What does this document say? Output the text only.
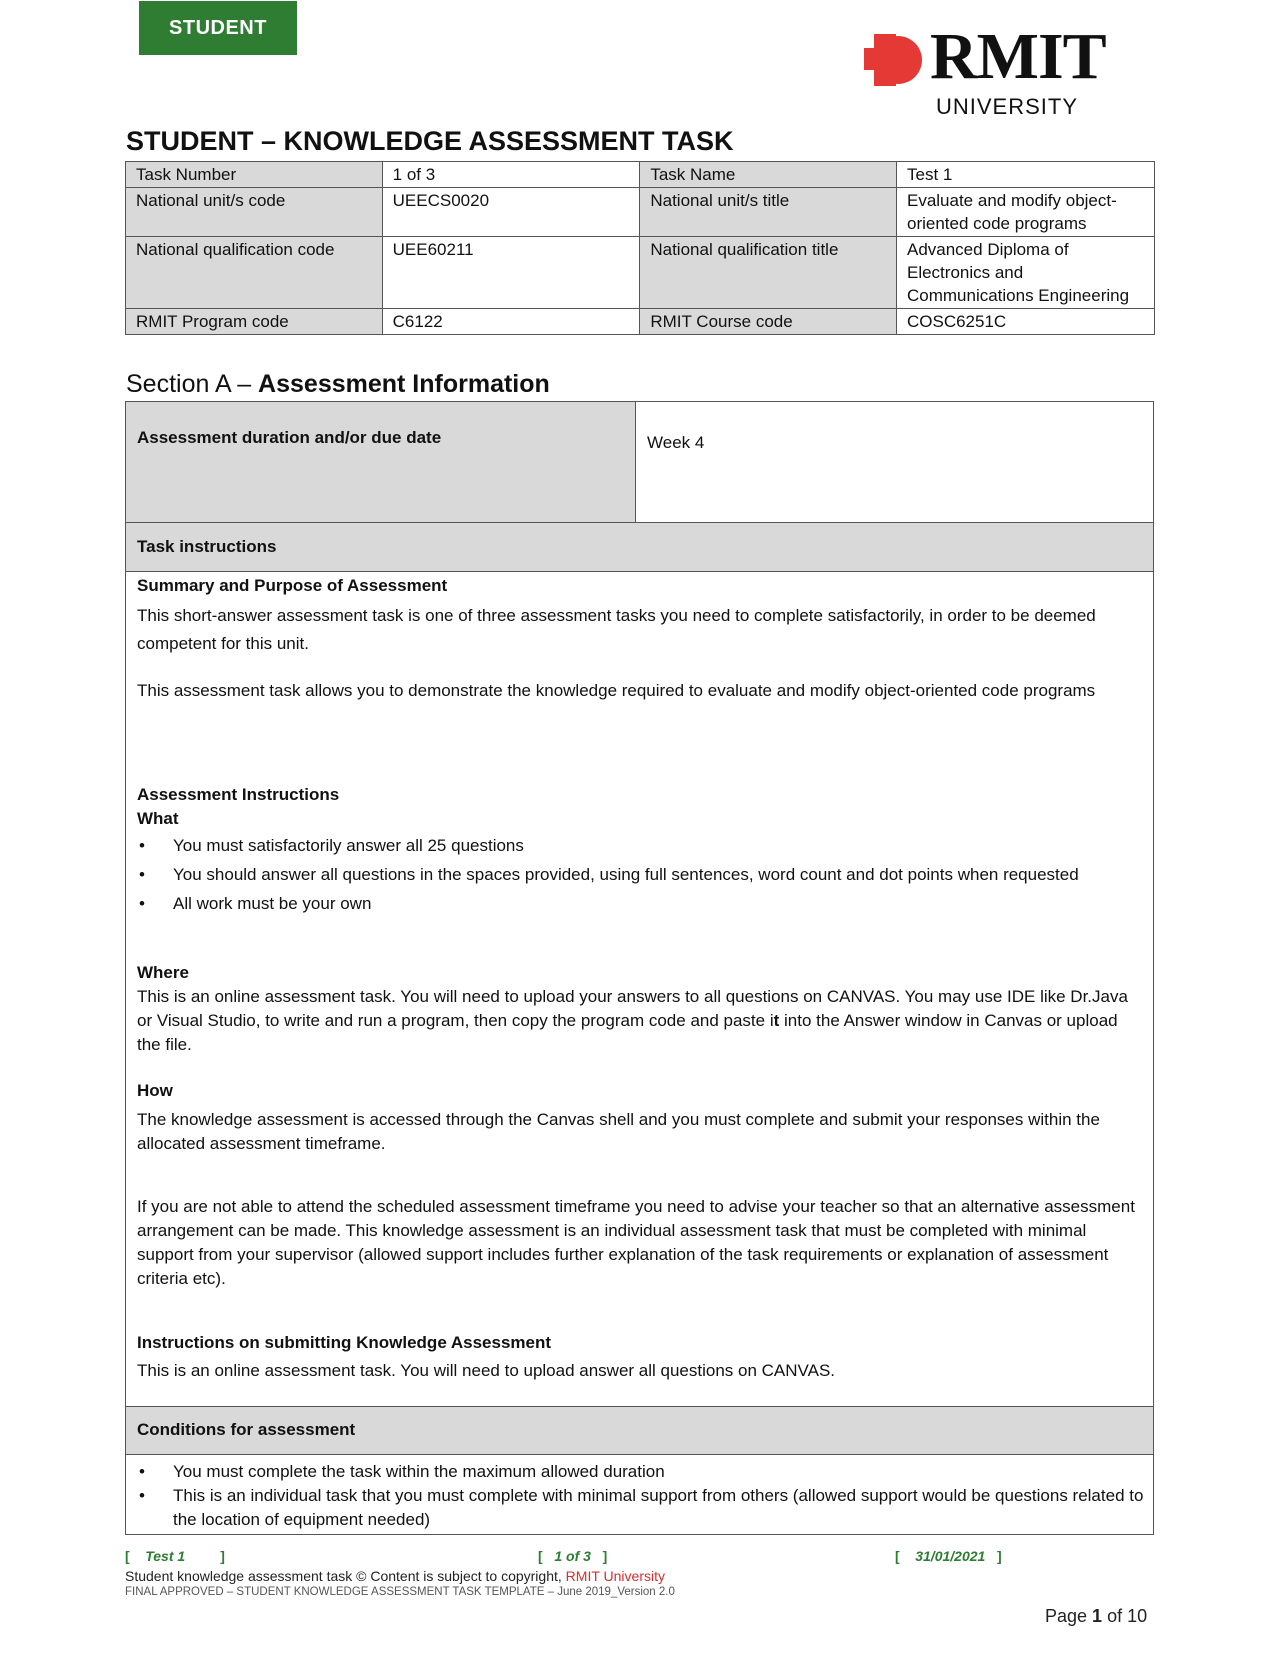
STUDENT	RMIT
UNIVERSITY
STUDENT – KNOWLEDGE ASSESSMENT TASK
Task Number	1 of 3	Task Name	Test 1
National unit/s code	UEECS0020	National unit/s title	Evaluate and modify object-oriented code programs
National qualification code	UEE60211	National qualification title	Advanced Diploma of Electronics and Communications Engineering
RMIT Program code	C6122	RMIT Course code	COSC6251C
Section A – Assessment Information
Assessment duration and/or due date	Week 4
Task instructions
Summary and Purpose of Assessment
This short-answer assessment task is one of three assessment tasks you need to complete satisfactorily, in order to be deemed competent for this unit.
This assessment task allows you to demonstrate the knowledge required to evaluate and modify object-oriented code programs
Assessment Instructions
What
• You must satisfactorily answer all 25 questions
• You should answer all questions in the spaces provided, using full sentences, word count and dot points when requested
• All work must be your own
Where
This is an online assessment task. You will need to upload your answers to all questions on CANVAS. You may use IDE like Dr.Java or Visual Studio, to write and run a program, then copy the program code and paste it into the Answer window in Canvas or upload the file.
How
The knowledge assessment is accessed through the Canvas shell and you must complete and submit your responses within the allocated assessment timeframe.
If you are not able to attend the scheduled assessment timeframe you need to advise your teacher so that an alternative assessment arrangement can be made. This knowledge assessment is an individual assessment task that must be completed with minimal support from your supervisor (allowed support includes further explanation of the task requirements or explanation of assessment criteria etc).
Instructions on submitting Knowledge Assessment
This is an online assessment task. You will need to upload answer all questions on CANVAS.
Conditions for assessment
• You must complete the task within the maximum allowed duration
• This is an individual task that you must complete with minimal support from others (allowed support would be questions related to the location of equipment needed)
[    Test 1	]	[   1 of 3 ]	[    31/01/2021 ]
Student knowledge assessment task © Content is subject to copyright, RMIT University
FINAL APPROVED – STUDENT KNOWLEDGE ASSESSMENT TASK TEMPLATE – June 2019_Version 2.0
Page 1 of 10
